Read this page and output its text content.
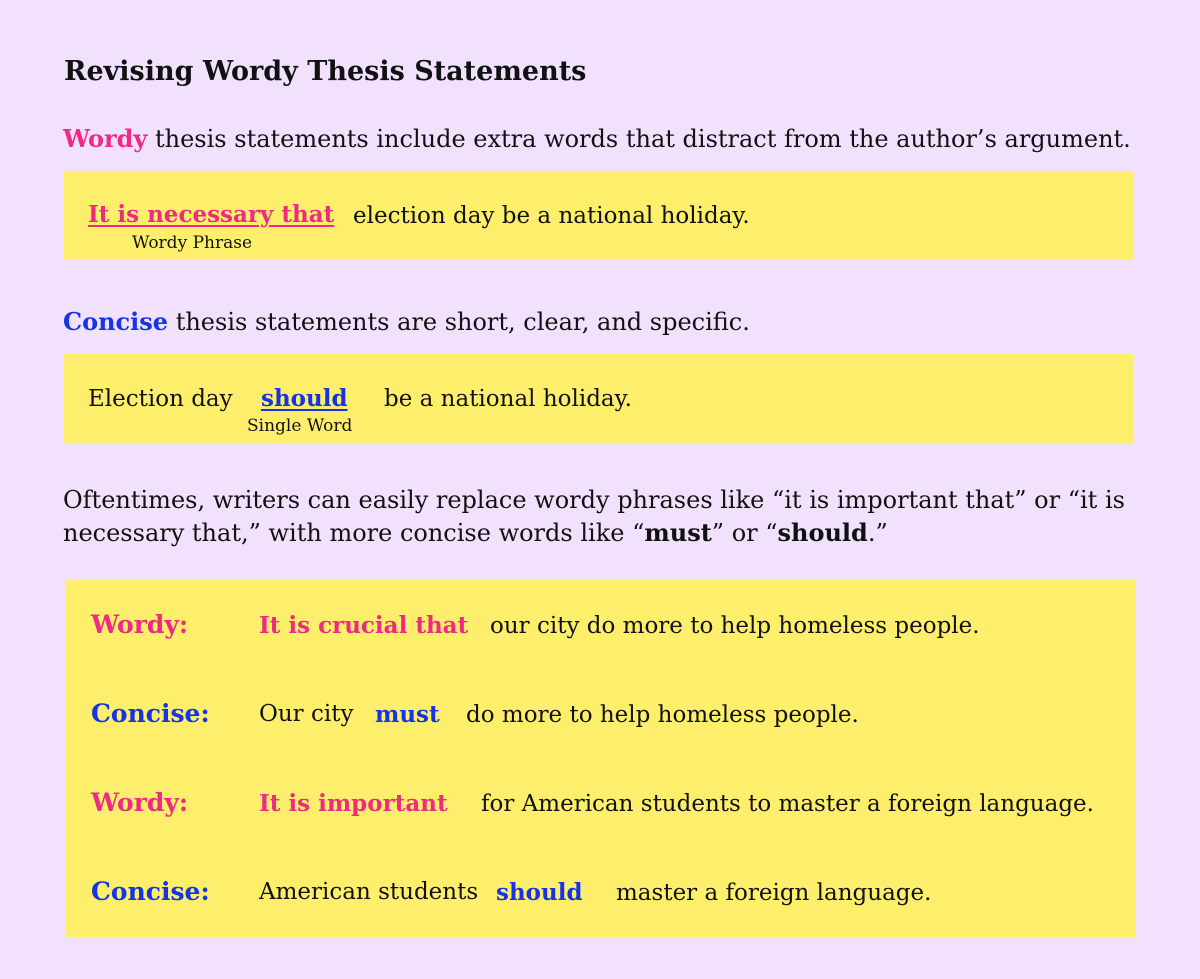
Revising Wordy Thesis Statements
Wordy thesis statements include extra words that distract from the author’s argument.
It is necessary that election day be a national holiday.
Wordy Phrase
Concise thesis statements are short, clear, and specific.
Election day should be a national holiday.
Single Word
Oftentimes, writers can easily replace wordy phrases like “it is important that” or “it is
necessary that,” with more concise words like “must” or “should.”
Wordy:	It is crucial that our city do more to help homeless people.
Concise: Our city must do more to help homeless people.
Wordy:	It is important for American students to master a foreign language.
Concise: American students should master a foreign language.
